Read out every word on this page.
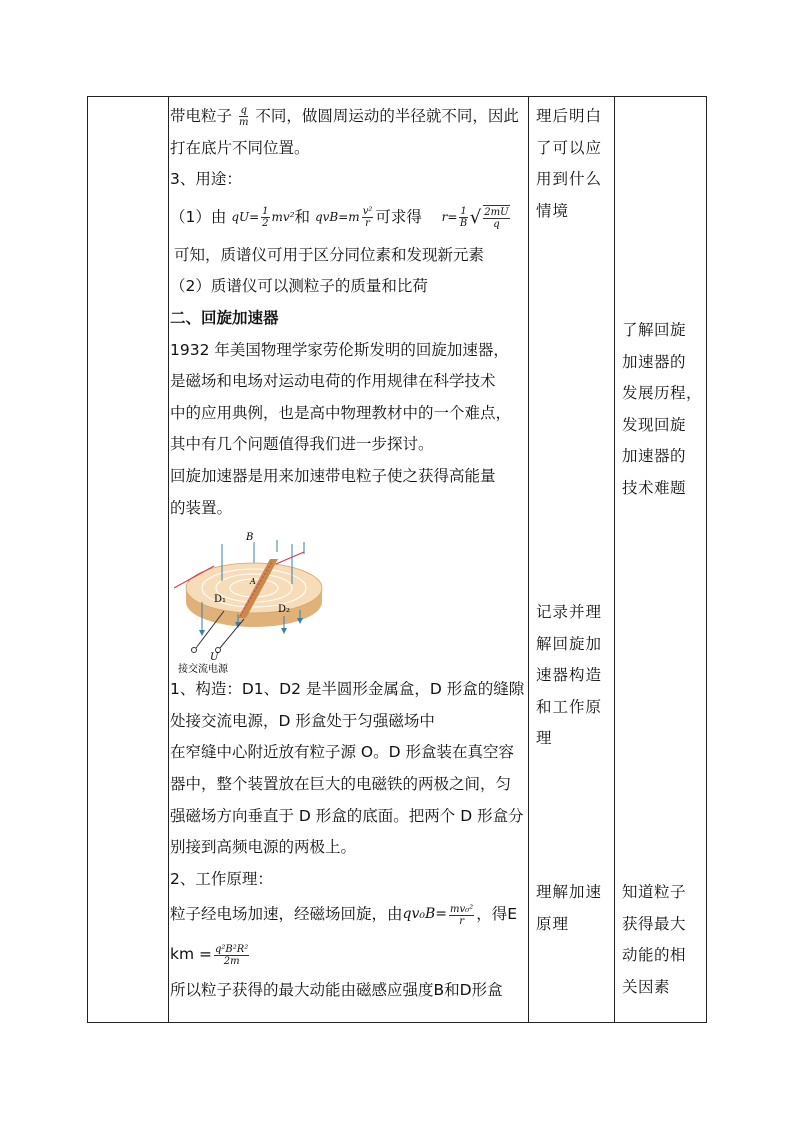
带电粒子 $\frac{q}{m}$ 不同，做圆周运动的半径就不同，因此
打在底片不同位置。
3、用途：
（1）由
$qU= \frac{1}{2} mv^2$ 和
$qvB=m \frac{\text{v²}}{r}$ 可求得
$r= \frac{1}{B}$ √ $\frac{2mU}{q}$
可知，质谱仪可用于区分同位素和发现新元素
（2）质谱仪可以测粒子的质量和比荷
二、回旋加速器
1932 年美国物理学家劳伦斯发明的回旋加速器，
是磁场和电场对运动电荷的作用规律在科学技术
中的应用典例，也是高中物理教材中的一个难点，
其中有几个问题值得我们进一步探讨。
回旋加速器是用来加速带电粒子使之获得高能量
的装置。
B
A
D₁
D₂
U
接交流电源
1、构造：D1、D2 是半圆形金属盒，D 形盒的缝隙
处接交流电源，D 形盒处于匀强磁场中
在窄缝中心附近放有粒子源 O。D 形盒装在真空容
器中，整个装置放在巨大的电磁铁的两极之间，匀
强磁场方向垂直于 D 形盒的底面。把两个 D 形盒分
别接到高频电源的两极上。
2、工作原理：
粒子经电场加速，经磁场回旋，由 $qv_0B= \frac{\text{mv₀²}}{r}$ ，得E
km = $\frac{\text{q²B²R²}}{2m}$
所以粒子获得的最大动能由磁感应强度B和D形盒
理后明白
了可以应
用到什么
情境
记录并理
解回旋加
速器构造
和工作原
理
理解加速
原理
了解回旋
加速器的
发展历程，
发现回旋
加速器的
技术难题
知道粒子
获得最大
动能的相
关因素
